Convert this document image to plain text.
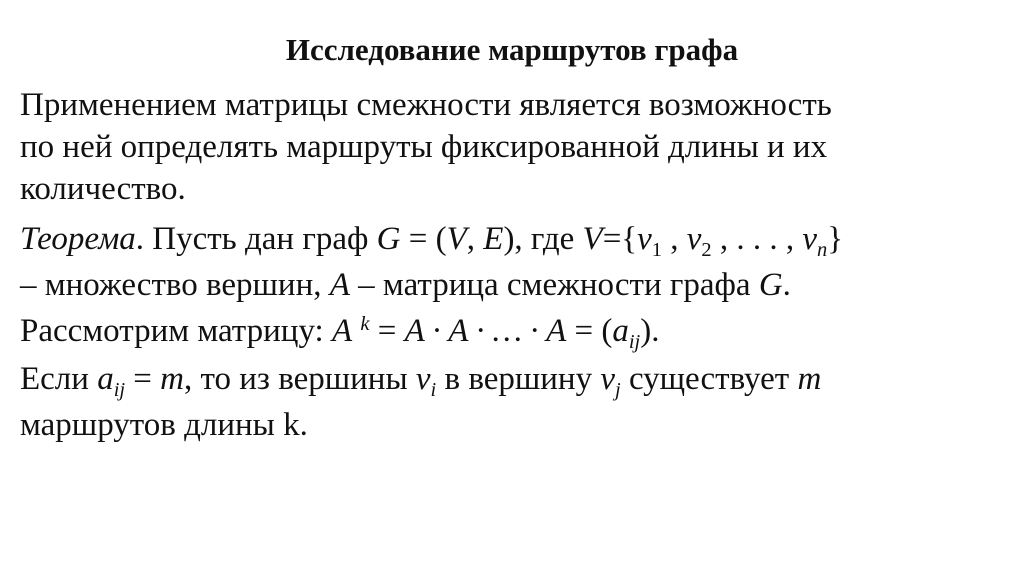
Исследование маршрутов графа
Применением матрицы смежности является возможность
по ней определять маршруты фиксированной длины и их
количество.
Теорема. Пусть дан граф G = (V, E), где $V=\{v_1$ , $v_2$ , . . . , $v_n$}
– множество вершин, A – матрица смежности графа G.
Рассмотрим матрицу: A $^k$ = A · A · … · $A = (a_{ij})$.
Если $a_{ij} = m$, то из вершины $v_i$ в вершину $v_j$ существует m
маршрутов длины k.
